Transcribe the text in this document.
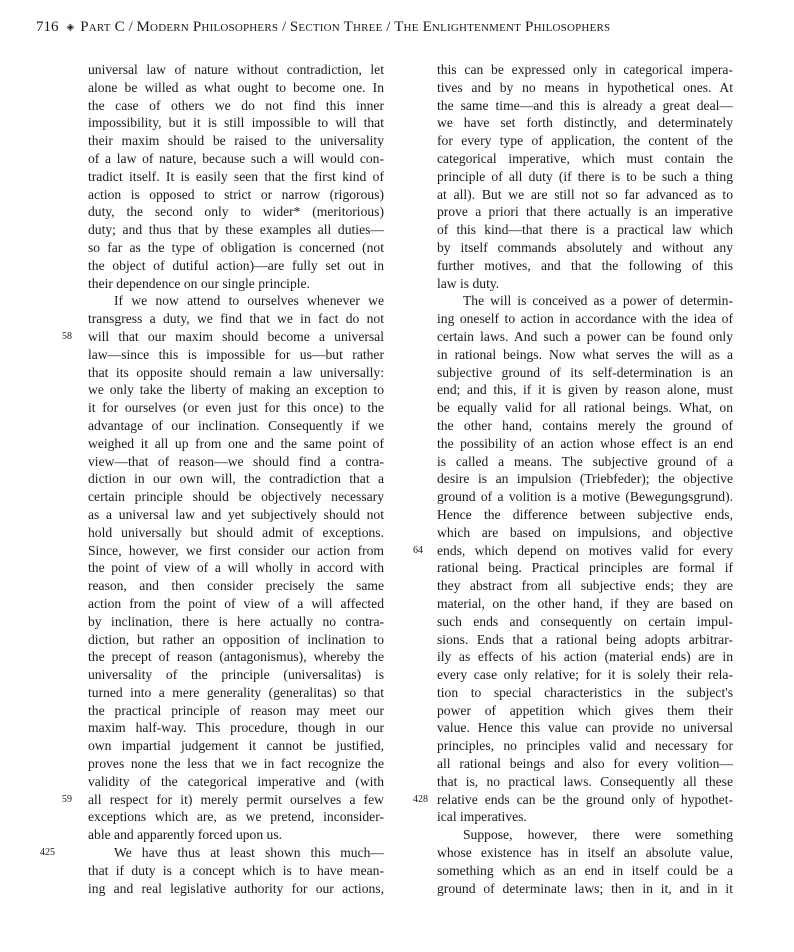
716 ◈ Part C / Modern Philosophers / Section Three / The Enlightenment Philosophers
universal law of nature without contradiction, let
alone be willed as what ought to become one. In
the case of others we do not find this inner
impossibility, but it is still impossible to will that
their maxim should be raised to the universality
of a law of nature, because such a will would con-
tradict itself. It is easily seen that the first kind of
action is opposed to strict or narrow (rigorous)
duty, the second only to wider* (meritorious)
duty; and thus that by these examples all duties—
so far as the type of obligation is concerned (not
the object of dutiful action)—are fully set out in
their dependence on our single principle.
If we now attend to ourselves whenever we
transgress a duty, we find that we in fact do not
58 will that our maxim should become a universal
law—since this is impossible for us—but rather
that its opposite should remain a law universally:
we only take the liberty of making an exception to
it for ourselves (or even just for this once) to the
advantage of our inclination. Consequently if we
weighed it all up from one and the same point of
view—that of reason—we should find a contra-
diction in our own will, the contradiction that a
certain principle should be objectively necessary
as a universal law and yet subjectively should not
hold universally but should admit of exceptions.
Since, however, we first consider our action from
the point of view of a will wholly in accord with
reason, and then consider precisely the same
action from the point of view of a will affected
by inclination, there is here actually no contra-
diction, but rather an opposition of inclination to
the precept of reason (antagonismus), whereby the
universality of the principle (universalitas) is
turned into a mere generality (generalitas) so that
the practical principle of reason may meet our
maxim half-way. This procedure, though in our
own impartial judgement it cannot be justified,
proves none the less that we in fact recognize the
validity of the categorical imperative and (with
59 all respect for it) merely permit ourselves a few
exceptions which are, as we pretend, inconsider-
able and apparently forced upon us.
425	We have thus at least shown this much—
that if duty is a concept which is to have mean-
ing and real legislative authority for our actions,
this can be expressed only in categorical impera-
tives and by no means in hypothetical ones. At
the same time—and this is already a great deal—
we have set forth distinctly, and determinately
for every type of application, the content of the
categorical imperative, which must contain the
principle of all duty (if there is to be such a thing
at all). But we are still not so far advanced as to
prove a priori that there actually is an imperative
of this kind—that there is a practical law which
by itself commands absolutely and without any
further motives, and that the following of this
law is duty.
The will is conceived as a power of determin-
ing oneself to action in accordance with the idea of
certain laws. And such a power can be found only
in rational beings. Now what serves the will as a
subjective ground of its self-determination is an
end; and this, if it is given by reason alone, must
be equally valid for all rational beings. What, on
the other hand, contains merely the ground of
the possibility of an action whose effect is an end
is called a means. The subjective ground of a
desire is an impulsion (Triebfeder); the objective
ground of a volition is a motive (Bewegungsgrund).
Hence the difference between subjective ends,
which are based on impulsions, and objective
64 ends, which depend on motives valid for every
rational being. Practical principles are formal if
they abstract from all subjective ends; they are
material, on the other hand, if they are based on
such ends and consequently on certain impul-
sions. Ends that a rational being adopts arbitrar-
ily as effects of his action (material ends) are in
every case only relative; for it is solely their rela-
tion to special characteristics in the subject's
power of appetition which gives them their
value. Hence this value can provide no universal
principles, no principles valid and necessary for
all rational beings and also for every volition—
that is, no practical laws. Consequently all these
428 relative ends can be the ground only of hypothet-
ical imperatives.
Suppose, however, there were something
whose existence has in itself an absolute value,
something which as an end in itself could be a
ground of determinate laws; then in it, and in it
